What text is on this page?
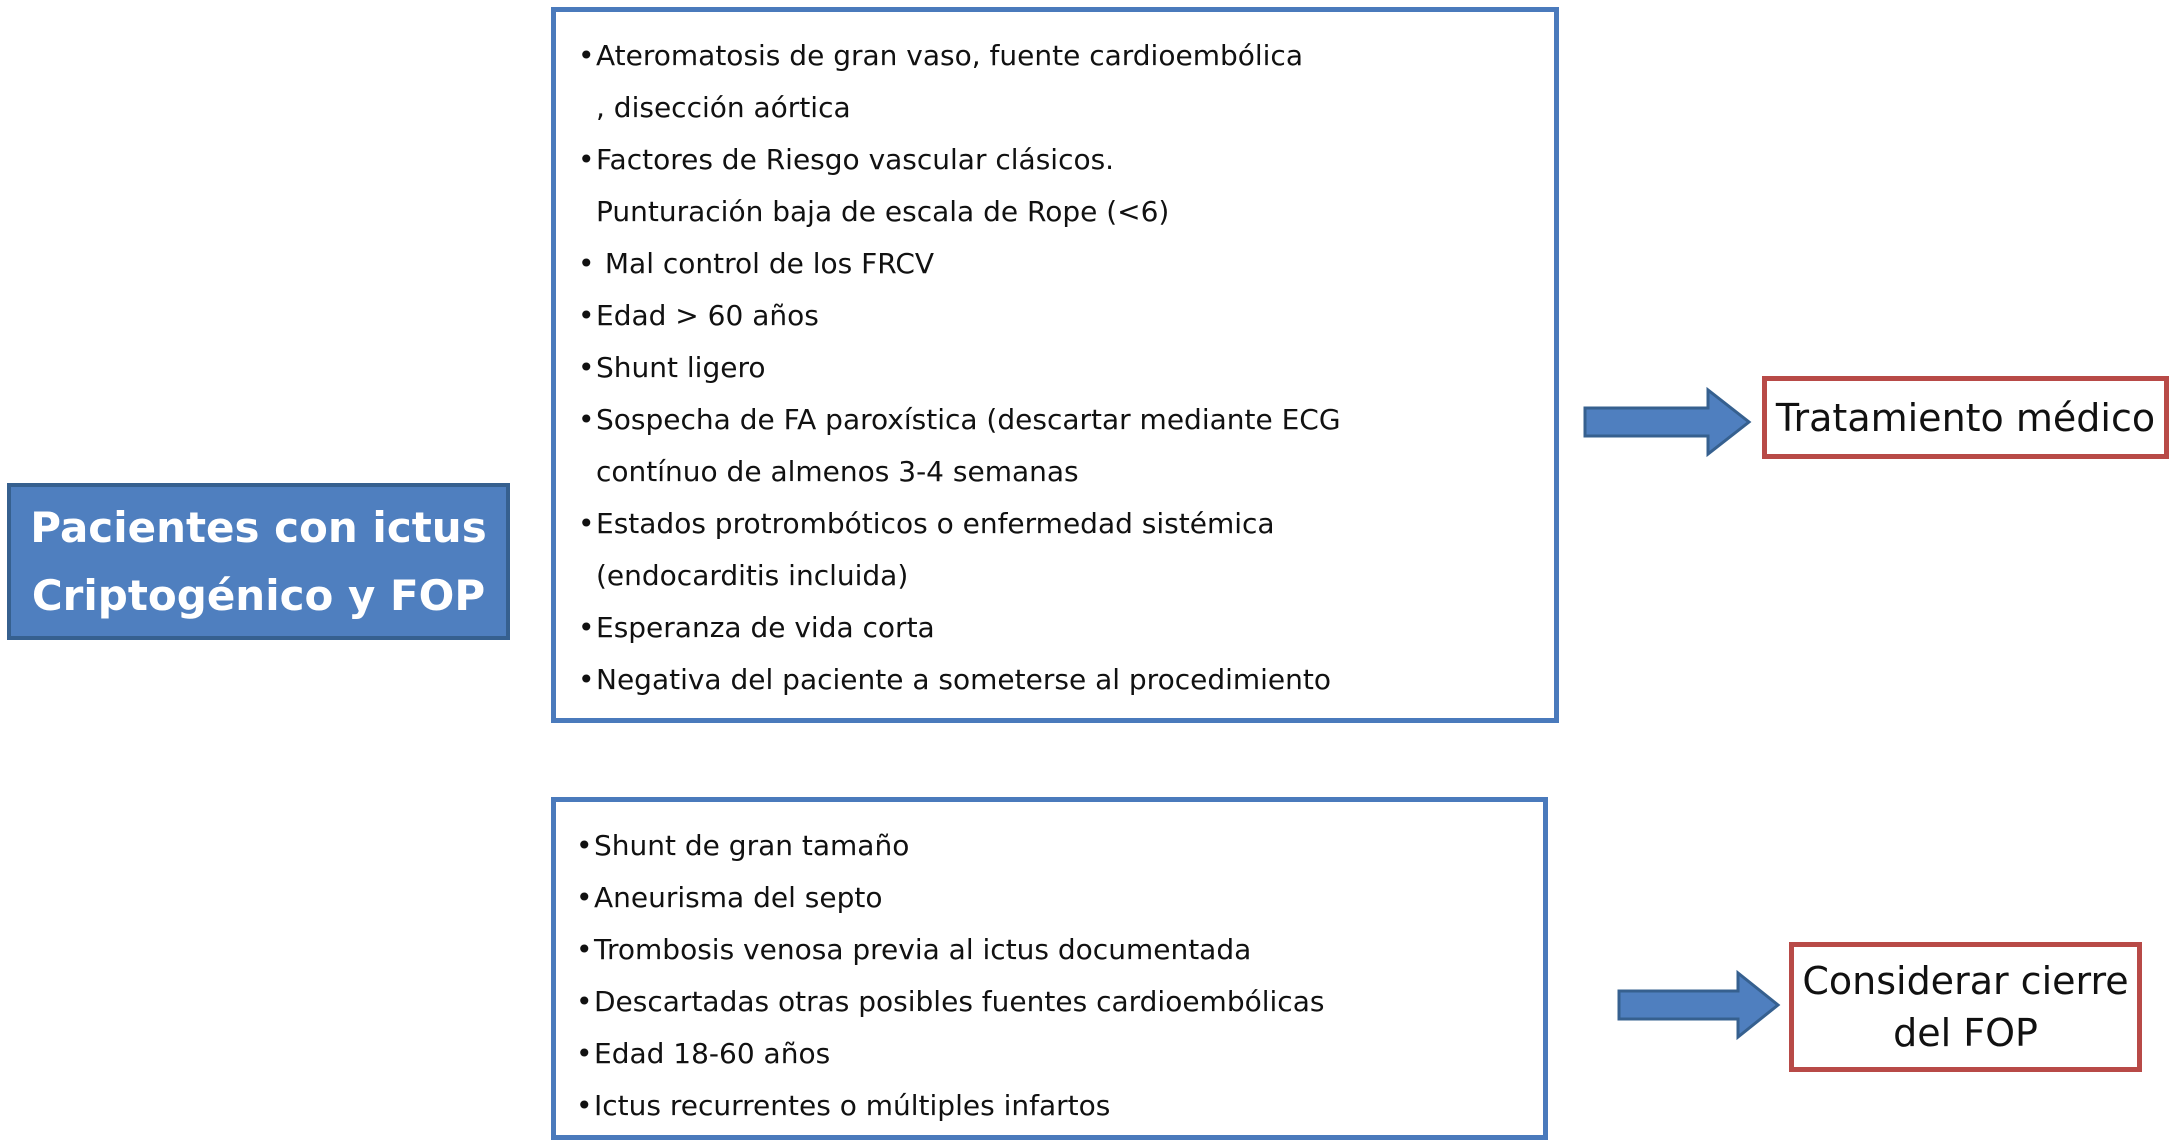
Pacientes con ictus
Criptogénico y FOP
•Ateromatosis de gran vaso, fuente cardioembólica
, disección aórtica
•Factores de Riesgo vascular clásicos.
Punturación baja de escala de Rope (<6)
• Mal control de los FRCV
•Edad > 60 años
•Shunt ligero
•Sospecha de FA paroxística (descartar mediante ECG
contínuo de almenos 3-4 semanas
•Estados protrombóticos o enfermedad sistémica
(endocarditis incluida)
•Esperanza de vida corta
•Negativa del paciente a someterse al procedimiento
•Shunt de gran tamaño
•Aneurisma del septo
•Trombosis venosa previa al ictus documentada
•Descartadas otras posibles fuentes cardioembólicas
•Edad 18-60 años
•Ictus recurrentes o múltiples infartos
Tratamiento médico
Considerar cierre
del FOP
